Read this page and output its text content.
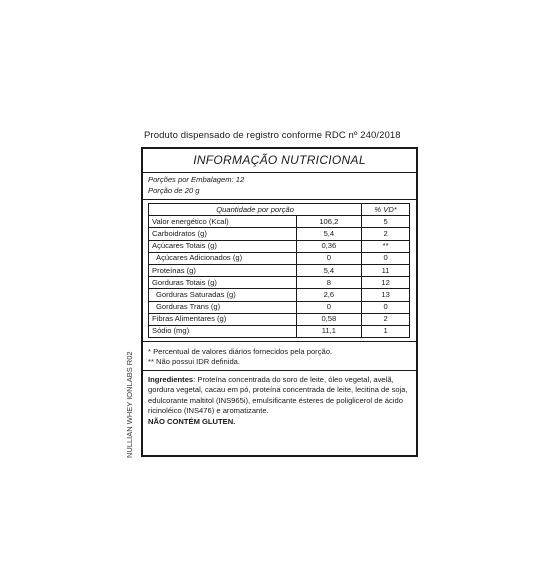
Produto dispensado de registro conforme RDC nº 240/2018
NULLIAN WHEY IONLABS R02
INFORMAÇÃO NUTRICIONAL
Porções por Embalagem: 12
Porção de 20 g
Quantidade por porção		% VD*
Valor energético (Kcal)	106,2	5
Carboidratos (g)	5,4	2
Açúcares Totais (g)	0,36	**
Açúcares Adicionados (g)	0	0
Proteínas (g)	5,4	11
Gorduras Totais (g)	8	12
Gorduras Saturadas (g)	2,6	13
Gorduras Trans (g)	0	0
Fibras Alimentares (g)	0,58	2
Sódio (mg)	11,1	1
* Percentual de valores diários fornecidos pela porção.
** Não possui IDR definida.
Ingredientes: Proteína concentrada do soro de leite, óleo vegetal, avelã, gordura vegetal, cacau em pó, proteína concentrada de leite, lecitina de soja, edulcorante maltitol (INS965i), emulsificante ésteres de poliglicerol de ácido ricinoléico (INS476) e aromatizante.
NÃO CONTÉM GLUTEN.
